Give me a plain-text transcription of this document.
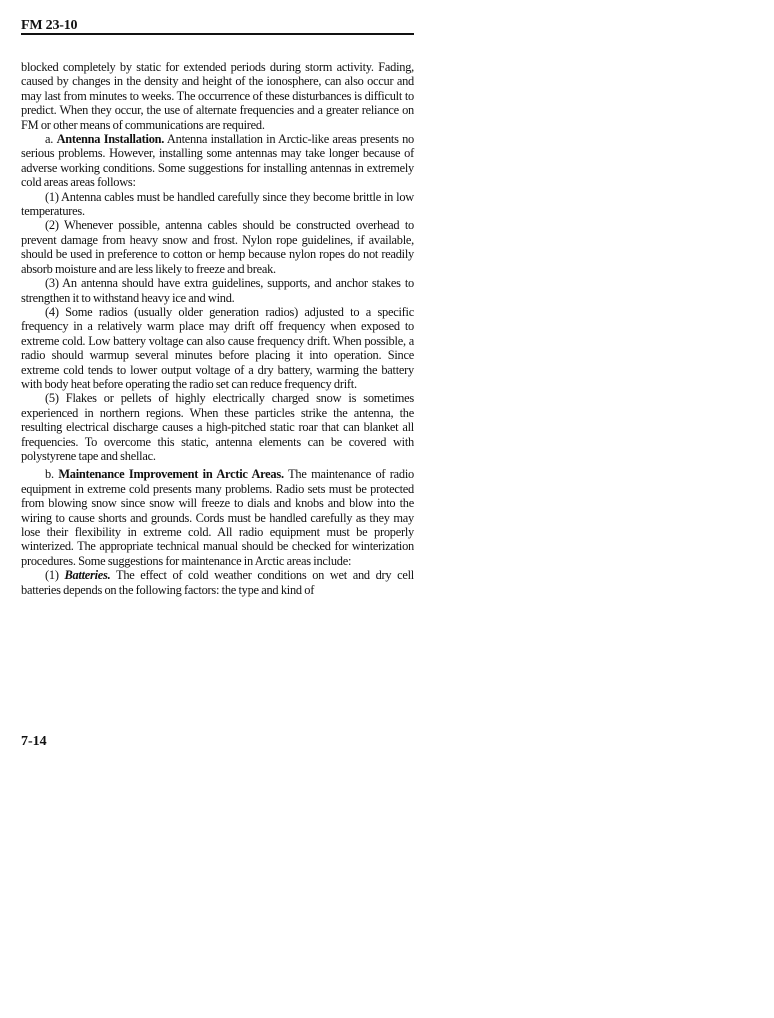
FM 23-10

blocked completely by static for extended periods during storm activity. Fading, caused by changes in the density and height of the ionosphere, can also occur and may last from minutes to weeks. The occurrence of these disturbances is difficult to predict. When they occur, the use of alternate frequencies and a greater reliance on FM or other means of communications are required.

a. Antenna Installation. Antenna installation in Arctic-like areas presents no serious problems. However, installing some antennas may take longer because of adverse working conditions. Some suggestions for installing antennas in extremely cold areas areas follows:

(1) Antenna cables must be handled carefully since they become brittle in low temperatures.

(2) Whenever possible, antenna cables should be constructed overhead to prevent damage from heavy snow and frost. Nylon rope guidelines, if available, should be used in preference to cotton or hemp because nylon ropes do not readily absorb moisture and are less likely to freeze and break.

(3) An antenna should have extra guidelines, supports, and anchor stakes to strengthen it to withstand heavy ice and wind.

(4) Some radios (usually older generation radios) adjusted to a specific frequency in a relatively warm place may drift off frequency when exposed to extreme cold. Low battery voltage can also cause frequency drift. When possible, a radio should warmup several minutes before placing it into operation. Since extreme cold tends to lower output voltage of a dry battery, warming the battery with body heat before operating the radio set can reduce frequency drift.

(5) Flakes or pellets of highly electrically charged snow is sometimes experienced in northern regions. When these particles strike the antenna, the resulting electrical discharge causes a high-pitched static roar that can blanket all frequencies. To overcome this static, antenna elements can be covered with polystyrene tape and shellac.

b. Maintenance Improvement in Arctic Areas. The maintenance of radio equipment in extreme cold presents many problems. Radio sets must be protected from blowing snow since snow will freeze to dials and knobs and blow into the wiring to cause shorts and grounds. Cords must be handled carefully as they may lose their flexibility in extreme cold. All radio equipment must be properly winterized. The appropriate technical manual should be checked for winterization procedures. Some suggestions for maintenance in Arctic areas include:

(1) Batteries. The effect of cold weather conditions on wet and dry cell batteries depends on the following factors: the type and kind of

7-14
